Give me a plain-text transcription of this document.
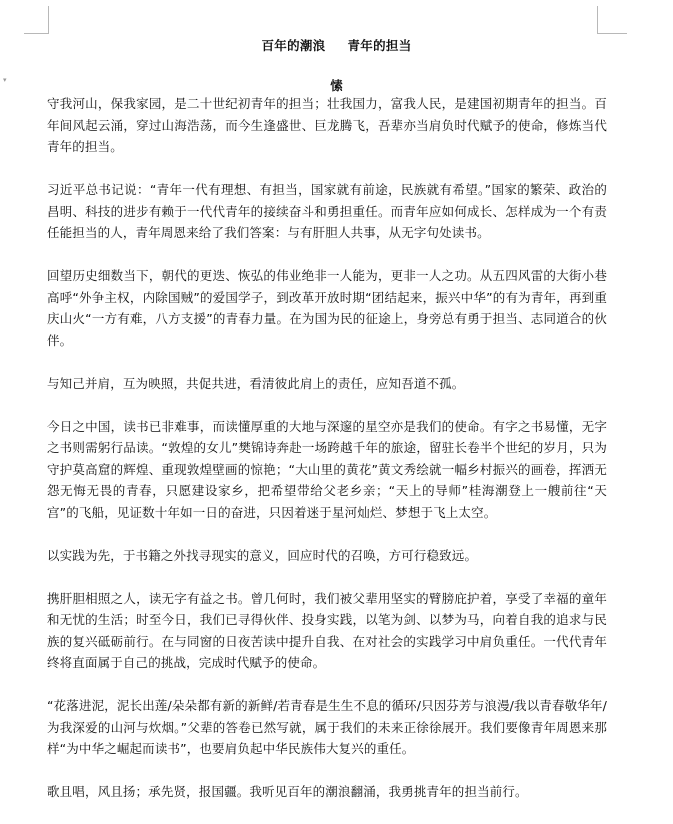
▾
百年的潮浪 青年的担当
愫

守我河山，保我家园，是二十世纪初青年的担当；壮我国力，富我人民，是建国初期青年的担当。百年间风起云涌，穿过山海浩荡，而今生逢盛世、巨龙腾飞，吾辈亦当肩负时代赋予的使命，修炼当代青年的担当。

习近平总书记说：“青年一代有理想、有担当，国家就有前途，民族就有希望。”国家的繁荣、政治的昌明、科技的进步有赖于一代代青年的接续奋斗和勇担重任。而青年应如何成长、怎样成为一个有责任能担当的人，青年周恩来给了我们答案：与有肝胆人共事，从无字句处读书。

回望历史细数当下，朝代的更迭、恢弘的伟业绝非一人能为，更非一人之功。从五四风雷的大街小巷高呼“外争主权，内除国贼”的爱国学子，到改革开放时期“团结起来，振兴中华”的有为青年，再到重庆山火“一方有难，八方支援”的青春力量。在为国为民的征途上，身旁总有勇于担当、志同道合的伙伴。

与知己并肩，互为映照，共促共进，看清彼此肩上的责任，应知吾道不孤。

今日之中国，读书已非难事，而读懂厚重的大地与深邃的星空亦是我们的使命。有字之书易懂，无字之书则需躬行品读。“敦煌的女儿”樊锦诗奔赴一场跨越千年的旅途，留驻长卷半个世纪的岁月，只为守护莫高窟的辉煌、重现敦煌壁画的惊艳；“大山里的黄花”黄文秀绘就一幅乡村振兴的画卷，挥洒无怨无悔无畏的青春，只愿建设家乡，把希望带给父老乡亲；“天上的导师”桂海潮登上一艘前往“天宫”的飞船，见证数十年如一日的奋进，只因着迷于星河灿烂、梦想于飞上太空。

以实践为先，于书籍之外找寻现实的意义，回应时代的召唤，方可行稳致远。

携肝胆相照之人，读无字有益之书。曾几何时，我们被父辈用坚实的臂膀庇护着，享受了幸福的童年和无忧的生活；时至今日，我们已寻得伙伴、投身实践，以笔为剑、以梦为马，向着自我的追求与民族的复兴砥砺前行。在与同窗的日夜苦读中提升自我、在对社会的实践学习中肩负重任。一代代青年终将直面属于自己的挑战，完成时代赋予的使命。

“花落进泥，泥长出莲/朵朵都有新的新鲜/若青春是生生不息的循环/只因芬芳与浪漫/我以青春敬华年/为我深爱的山河与炊烟。”父辈的答卷已然写就，属于我们的未来正徐徐展开。我们要像青年周恩来那样“为中华之崛起而读书”，也要肩负起中华民族伟大复兴的重任。

歌且唱，风且扬；承先贤，报国疆。我听见百年的潮浪翻涌，我勇挑青年的担当前行。
